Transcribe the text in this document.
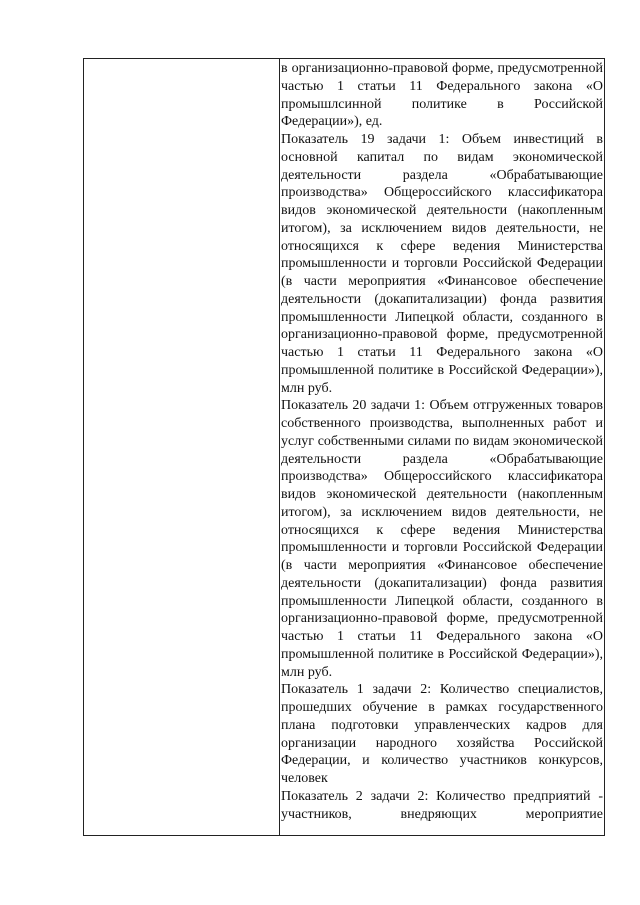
в организационно-правовой форме, предусмотренной частью 1 статьи 11 Федерального закона «О промышлсинной политике в Российской Федерации»), ед.

Показатель 19 задачи 1: Объем инвестиций в основной капитал по видам экономической деятельности раздела «Обрабатывающие производства» Общероссийского классификатора видов экономической деятельности (накопленным итогом), за исключением видов деятельности, не относящихся к сфере ведения Министерства промышленности и торговли Российской Федерации (в части мероприятия «Финансовое обеспечение деятельности (докапитализации) фонда развития промышленности Липецкой области, созданного в организационно-правовой форме, предусмотренной частью 1 статьи 11 Федерального закона «О промышленной политике в Российской Федерации»), млн руб.

Показатель 20 задачи 1: Объем отгруженных товаров собственного производства, выполненных работ и услуг собственными силами по видам экономической деятельности раздела «Обрабатывающие производства» Общероссийского классификатора видов экономической деятельности (накопленным итогом), за исключением видов деятельности, не относящихся к сфере ведения Министерства промышленности и торговли Российской Федерации (в части мероприятия «Финансовое обеспечение деятельности (докапитализации) фонда развития промышленности Липецкой области, созданного в организационно-правовой форме, предусмотренной частью 1 статьи 11 Федерального закона «О промышленной политике в Российской Федерации»), млн руб.

Показатель 1 задачи 2: Количество специалистов, прошедших обучение в рамках государственного плана подготовки управленческих кадров для организации народного хозяйства Российской Федерации, и количество участников конкурсов, человек

Показатель 2 задачи 2: Количество предприятий - участников, внедряющих мероприятие
